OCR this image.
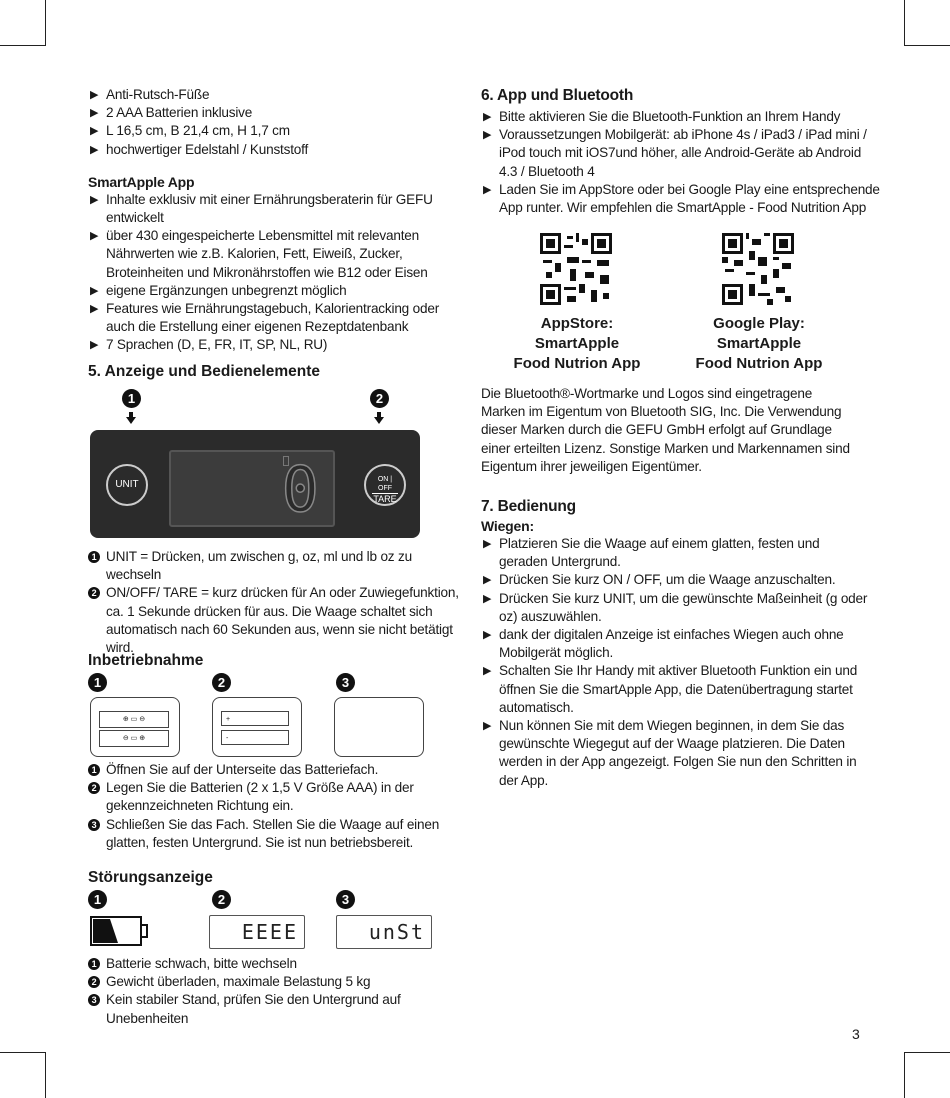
▶ Anti-Rutsch-Füße
▶ 2 AAA Batterien inklusive
▶ L 16,5 cm, B 21,4 cm, H 1,7 cm
▶ hochwertiger Edelstahl / Kunststoff
SmartApple App
▶ Inhalte exklusiv mit einer Ernährungsberaterin für GEFU entwickelt
▶ über 430 eingespeicherte Lebensmittel mit relevanten Nährwerten wie z.B. Kalorien, Fett, Eiweiß, Zucker, Broteinheiten und Mikronährstoffen wie B12 oder Eisen
▶ eigene Ergänzungen unbegrenzt möglich
▶ Features wie Ernährungstagebuch, Kalorientracking oder auch die Erstellung einer eigenen Rezeptdatenbank
▶ 7 Sprachen (D, E, FR, IT, SP, NL, RU)
5. Anzeige und Bedienelemente
1	2
UNIT 0	ON | OFF
TARE
1 UNIT = Drücken, um zwischen g, oz, ml und lb oz zu wechseln
2 ON/OFF/ TARE = kurz drücken für An oder Zuwiegefunktion, ca. 1 Sekunde drücken für aus. Die Waage schaltet sich automatisch nach 60 Sekunden aus, wenn sie nicht betätigt wird.
Inbetriebnahme
1	2	3
⊕ ▭ ⊖
⊖ ▭ ⊕
+
-
1 Öffnen Sie auf der Unterseite das Batteriefach.
2 Legen Sie die Batterien (2 x 1,5 V Größe AAA) in der gekennzeichneten Richtung ein.
3 Schließen Sie das Fach. Stellen Sie die Waage auf einen glatten, festen Untergrund. Sie ist nun betriebsbereit.
Störungsanzeige
1	2	3
EEEE	unSt
1 Batterie schwach, bitte wechseln
2 Gewicht überladen, maximale Belastung 5 kg
3 Kein stabiler Stand, prüfen Sie den Untergrund auf Unebenheiten
6. App und Bluetooth
▶ Bitte aktivieren Sie die Bluetooth-Funktion an Ihrem Handy
▶ Voraussetzungen Mobilgerät: ab iPhone 4s / iPad3 / iPad mini / iPod touch mit iOS7und höher, alle Android-Geräte ab Android 4.3 / Bluetooth 4
▶ Laden Sie im AppStore oder bei Google Play eine entsprechende App runter. Wir empfehlen die SmartApple - Food Nutrition App
AppStore:
SmartApple
Food Nutrion App
Google Play:
SmartApple
Food Nutrion App

Die Bluetooth®-Wortmarke und Logos sind eingetragene Marken im Eigentum von Bluetooth SIG, Inc. Die Verwendung dieser Marken durch die GEFU GmbH erfolgt auf Grundlage einer erteilten Lizenz. Sonstige Marken und Markennamen sind Eigentum ihrer jeweiligen Eigentümer.

7. Bedienung
Wiegen:
▶ Platzieren Sie die Waage auf einem glatten, festen und geraden Untergrund.
▶ Drücken Sie kurz ON / OFF, um die Waage anzuschalten.
▶ Drücken Sie kurz UNIT, um die gewünschte Maßeinheit (g oder oz) auszuwählen.
▶ dank der digitalen Anzeige ist einfaches Wiegen auch ohne Mobilgerät möglich.
▶ Schalten Sie Ihr Handy mit aktiver Bluetooth Funktion ein und öffnen Sie die SmartApple App, die Datenübertragung startet automatisch.
▶ Nun können Sie mit dem Wiegen beginnen, in dem Sie das gewünschte Wiegegut auf der Waage platzieren. Die Daten werden in der App angezeigt. Folgen Sie nun den Schritten in der App.
3
